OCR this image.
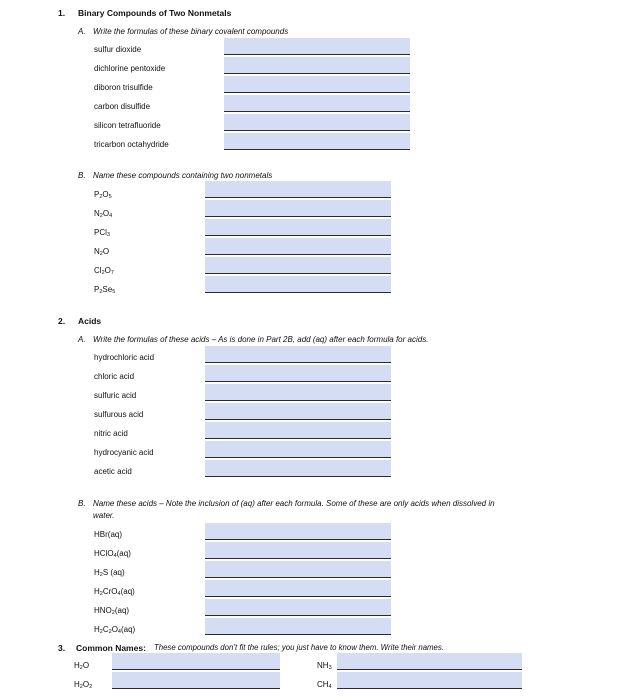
1. Binary Compounds of Two Nonmetals
A. Write the formulas of these binary covalent compounds
sulfur dioxide
dichlorine pentoxide
diboron trisulfide
carbon disulfide
silicon tetrafluoride
tricarbon octahydride
B. Name these compounds containing two nonmetals
$P_2O_5$
$N_2O_4$
PCl$_3$
$N_2O$
$Cl_2O_7$
$P_2Se_5$
2. Acids
A. Write the formulas of these acids – As is done in Part 2B, add (aq) after each formula for acids.
hydrochloric acid
chloric acid
sulfuric acid
sulfurous acid
nitric acid
hydrocyanic acid
acetic acid
B. Name these acids – Note the inclusion of (aq) after each formula. Some of these are only acids when dissolved in
water.
HBr(aq)
HClO$_4$(aq)
$H_2S$ (aq)
$H_2CrO_4(aq)$
$HNO_2(aq)$
$H_2C_2O_4(aq)$
3. Common Names: These compounds don’t fit the rules; you just have to know them. Write their names.
$H_2O$	$NH_3$
$H_2O_2$	$CH_4$
